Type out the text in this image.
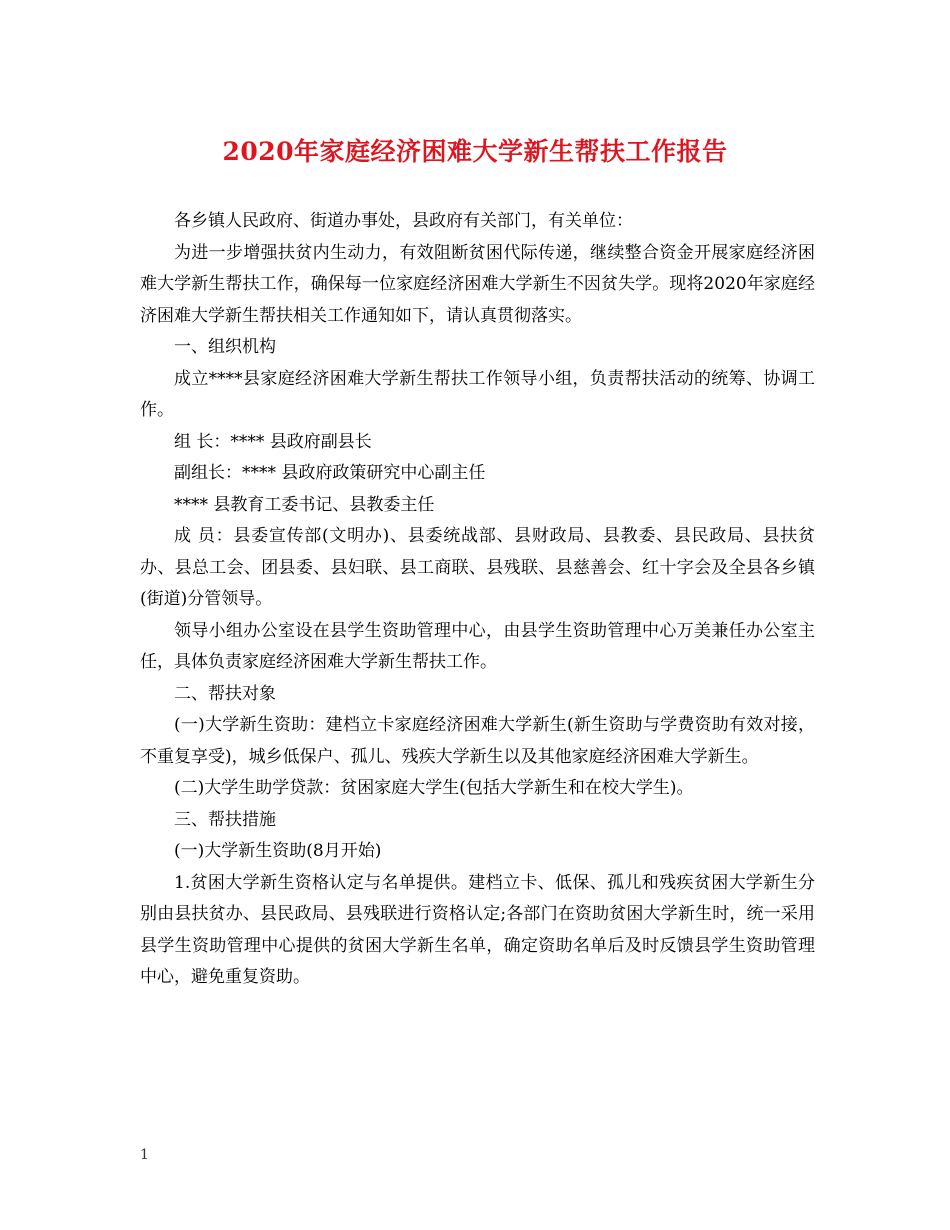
2020年家庭经济困难大学新生帮扶工作报告

各乡镇人民政府、街道办事处，县政府有关部门，有关单位：

为进一步增强扶贫内生动力，有效阻断贫困代际传递，继续整合资金开展家庭经济困难大学新生帮扶工作，确保每一位家庭经济困难大学新生不因贫失学。现将2020年家庭经济困难大学新生帮扶相关工作通知如下，请认真贯彻落实。

一、组织机构

成立****县家庭经济困难大学新生帮扶工作领导小组，负责帮扶活动的统筹、协调工作。

组 长：**** 县政府副县长

副组长：**** 县政府政策研究中心副主任

**** 县教育工委书记、县教委主任

成 员：县委宣传部(文明办)、县委统战部、县财政局、县教委、县民政局、县扶贫办、县总工会、团县委、县妇联、县工商联、县残联、县慈善会、红十字会及全县各乡镇(街道)分管领导。

领导小组办公室设在县学生资助管理中心，由县学生资助管理中心万美兼任办公室主任，具体负责家庭经济困难大学新生帮扶工作。

二、帮扶对象

(一)大学新生资助：建档立卡家庭经济困难大学新生(新生资助与学费资助有效对接，不重复享受)，城乡低保户、孤儿、残疾大学新生以及其他家庭经济困难大学新生。

(二)大学生助学贷款：贫困家庭大学生(包括大学新生和在校大学生)。

三、帮扶措施

(一)大学新生资助(8月开始)

1.贫困大学新生资格认定与名单提供。建档立卡、低保、孤儿和残疾贫困大学新生分别由县扶贫办、县民政局、县残联进行资格认定;各部门在资助贫困大学新生时，统一采用县学生资助管理中心提供的贫困大学新生名单，确定资助名单后及时反馈县学生资助管理中心，避免重复资助。

1
